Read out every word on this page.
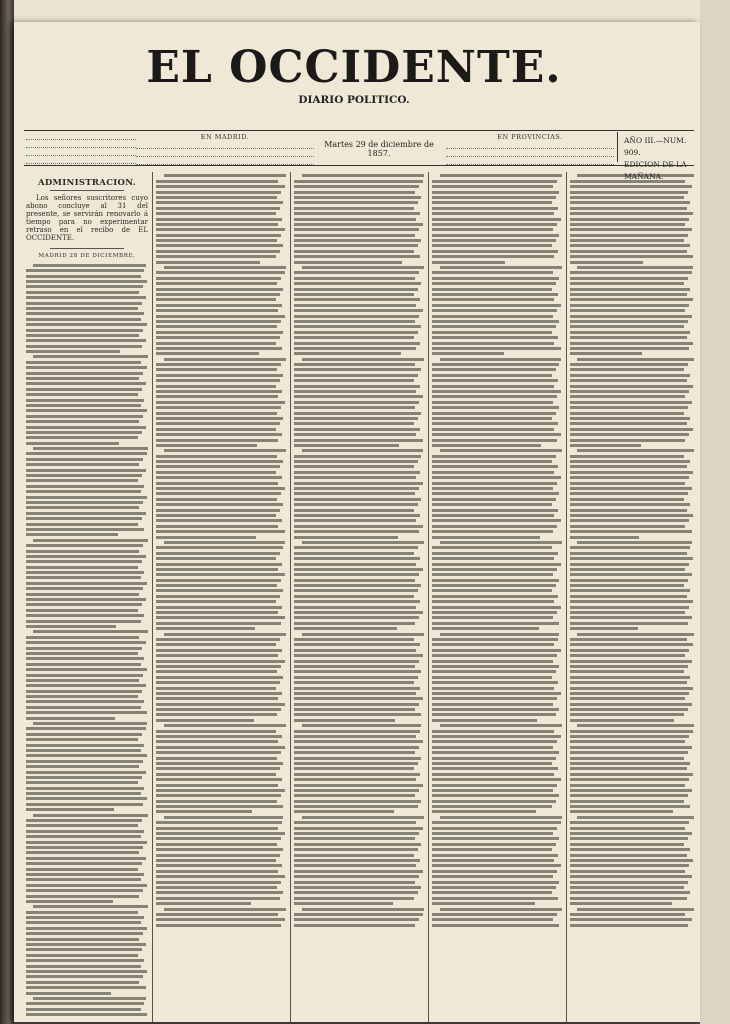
EL OCCIDENTE.
DIARIO POLITICO.
EN MADRID.
Martes 29 de diciembre de 1857.
EN PROVINCIAS.	AÑO III.—NUM. 909.
ADMINISTRACION.

Los señores suscritores cuyo abono concluye al 31 del presente, se servirán renovarlo á tiempo para no experimentar retraso en el recibo de EL OCCIDENTE.

MADRID 28 DE DICIEMBRE.
